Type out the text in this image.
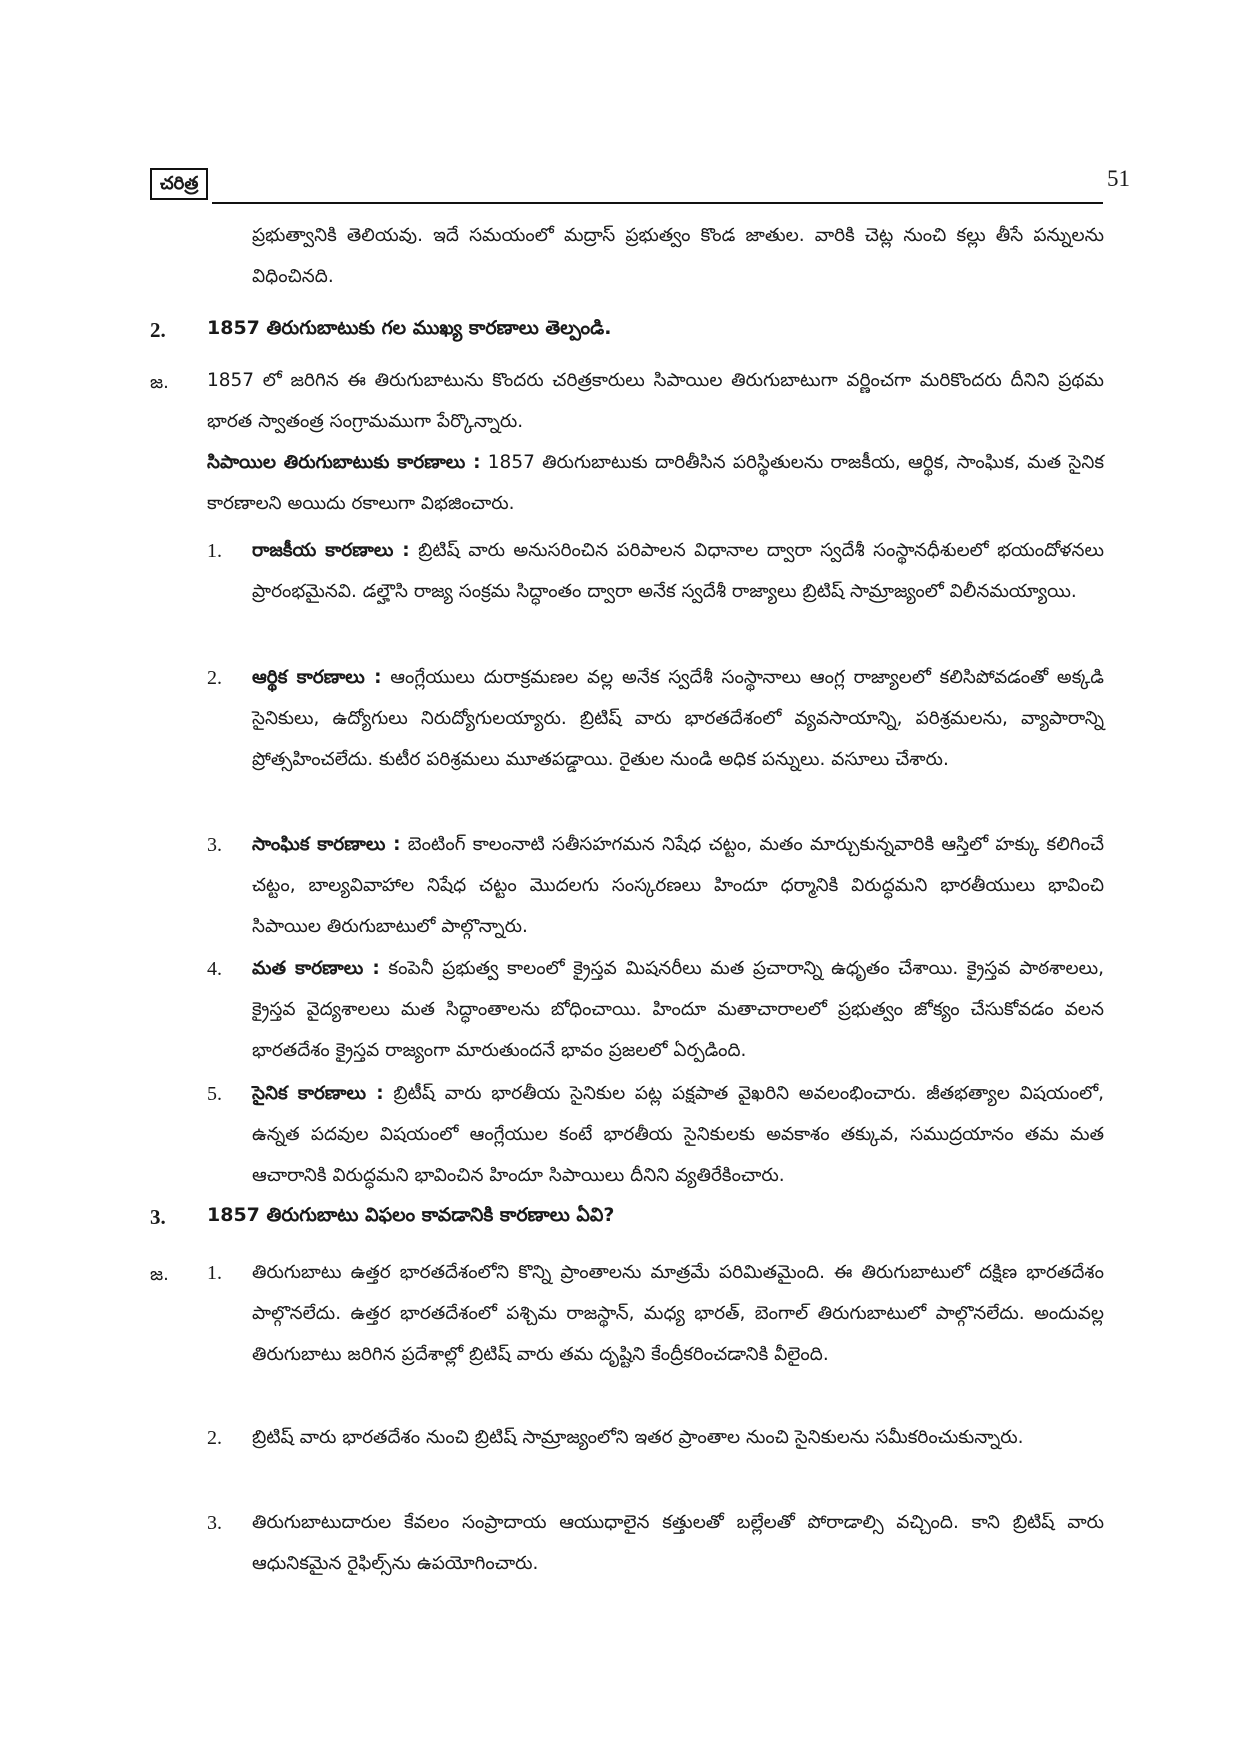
చరిత్ర	51

ప్రభుత్వానికి తెలియవు. ఇదే సమయంలో మద్రాస్ ప్రభుత్వం కొండ జాతుల. వారికి చెట్ల నుంచి కల్లు తీసే పన్నులను విధించినది.

2. 1857 తిరుగుబాటుకు గల ముఖ్య కారణాలు తెల్పండి.
జ. 1857 లో జరిగిన ఈ తిరుగుబాటును కొందరు చరిత్రకారులు సిపాయిల తిరుగుబాటుగా వర్ణించగా మరికొందరు దీనిని ప్రథమ భారత స్వాతంత్ర సంగ్రామముగా పేర్కొన్నారు.

సిపాయిల తిరుగుబాటుకు కారణాలు : 1857 తిరుగుబాటుకు దారితీసిన పరిస్థితులను రాజకీయ, ఆర్థిక, సాంఘిక, మత సైనిక కారణాలని అయిదు రకాలుగా విభజించారు.

1. రాజకీయ కారణాలు : బ్రిటిష్ వారు అనుసరించిన పరిపాలన విధానాల ద్వారా స్వదేశీ సంస్థానధీశులలో భయందోళనలు ప్రారంభమైనవి. డల్హౌసి రాజ్య సంక్రమ సిద్ధాంతం ద్వారా అనేక స్వదేశీ రాజ్యాలు బ్రిటిష్ సామ్రాజ్యంలో విలీనమయ్యాయి.

2. ఆర్థిక కారణాలు : ఆంగ్లేయులు దురాక్రమణల వల్ల అనేక స్వదేశీ సంస్థానాలు ఆంగ్ల రాజ్యాలలో కలిసిపోవడంతో అక్కడి సైనికులు, ఉద్యోగులు నిరుద్యోగులయ్యారు. బ్రిటిష్ వారు భారతదేశంలో వ్యవసాయాన్ని, పరిశ్రమలను, వ్యాపారాన్ని ప్రోత్సహించలేదు. కుటీర పరిశ్రమలు మూతపడ్డాయి. రైతుల నుండి అధిక పన్నులు. వసూలు చేశారు.

3. సాంఘిక కారణాలు : బెంటింగ్ కాలంనాటి సతీసహగమన నిషేధ చట్టం, మతం మార్చుకున్నవారికి ఆస్తిలో హక్కు కలిగించే చట్టం, బాల్యవివాహాల నిషేధ చట్టం మొదలగు సంస్కరణలు హిందూ ధర్మానికి విరుద్ధమని భారతీయులు భావించి సిపాయిల తిరుగుబాటులో పాల్గొన్నారు.

4. మత కారణాలు : కంపెనీ ప్రభుత్వ కాలంలో క్రైస్తవ మిషనరీలు మత ప్రచారాన్ని ఉధృతం చేశాయి. క్రైస్తవ పాఠశాలలు, క్రైస్తవ వైద్యశాలలు మత సిద్ధాంతాలను బోధించాయి. హిందూ మతాచారాలలో ప్రభుత్వం జోక్యం చేసుకోవడం వలన భారతదేశం క్రైస్తవ రాజ్యంగా మారుతుందనే భావం ప్రజలలో ఏర్పడింది.

5. సైనిక కారణాలు : బ్రిటీష్ వారు భారతీయ సైనికుల పట్ల పక్షపాత వైఖరిని అవలంభించారు. జీతభత్యాల విషయంలో, ఉన్నత పదవుల విషయంలో ఆంగ్లేయుల కంటే భారతీయ సైనికులకు అవకాశం తక్కువ, సముద్రయానం తమ మత ఆచారానికి విరుద్ధమని భావించిన హిందూ సిపాయిలు దీనిని వ్యతిరేకించారు.

3. 1857 తిరుగుబాటు విఫలం కావడానికి కారణాలు ఏవి?
జ. 1. తిరుగుబాటు ఉత్తర భారతదేశంలోని కొన్ని ప్రాంతాలను మాత్రమే పరిమితమైంది. ఈ తిరుగుబాటులో దక్షిణ భారతదేశం పాల్గొనలేదు. ఉత్తర భారతదేశంలో పశ్చిమ రాజస్థాన్, మధ్య భారత్, బెంగాల్ తిరుగుబాటులో పాల్గొనలేదు. అందువల్ల తిరుగుబాటు జరిగిన ప్రదేశాల్లో బ్రిటిష్ వారు తమ దృష్టిని కేంద్రీకరించడానికి వీలైంది.

2. బ్రిటిష్ వారు భారతదేశం నుంచి బ్రిటిష్ సామ్రాజ్యంలోని ఇతర ప్రాంతాల నుంచి సైనికులను సమీకరించుకున్నారు.

3. తిరుగుబాటుదారుల కేవలం సంప్రాదాయ ఆయుధాలైన కత్తులతో బల్లేలతో పోరాడాల్సి వచ్చింది. కాని బ్రిటిష్ వారు ఆధునికమైన రైఫిల్స్‌ను ఉపయోగించారు.
